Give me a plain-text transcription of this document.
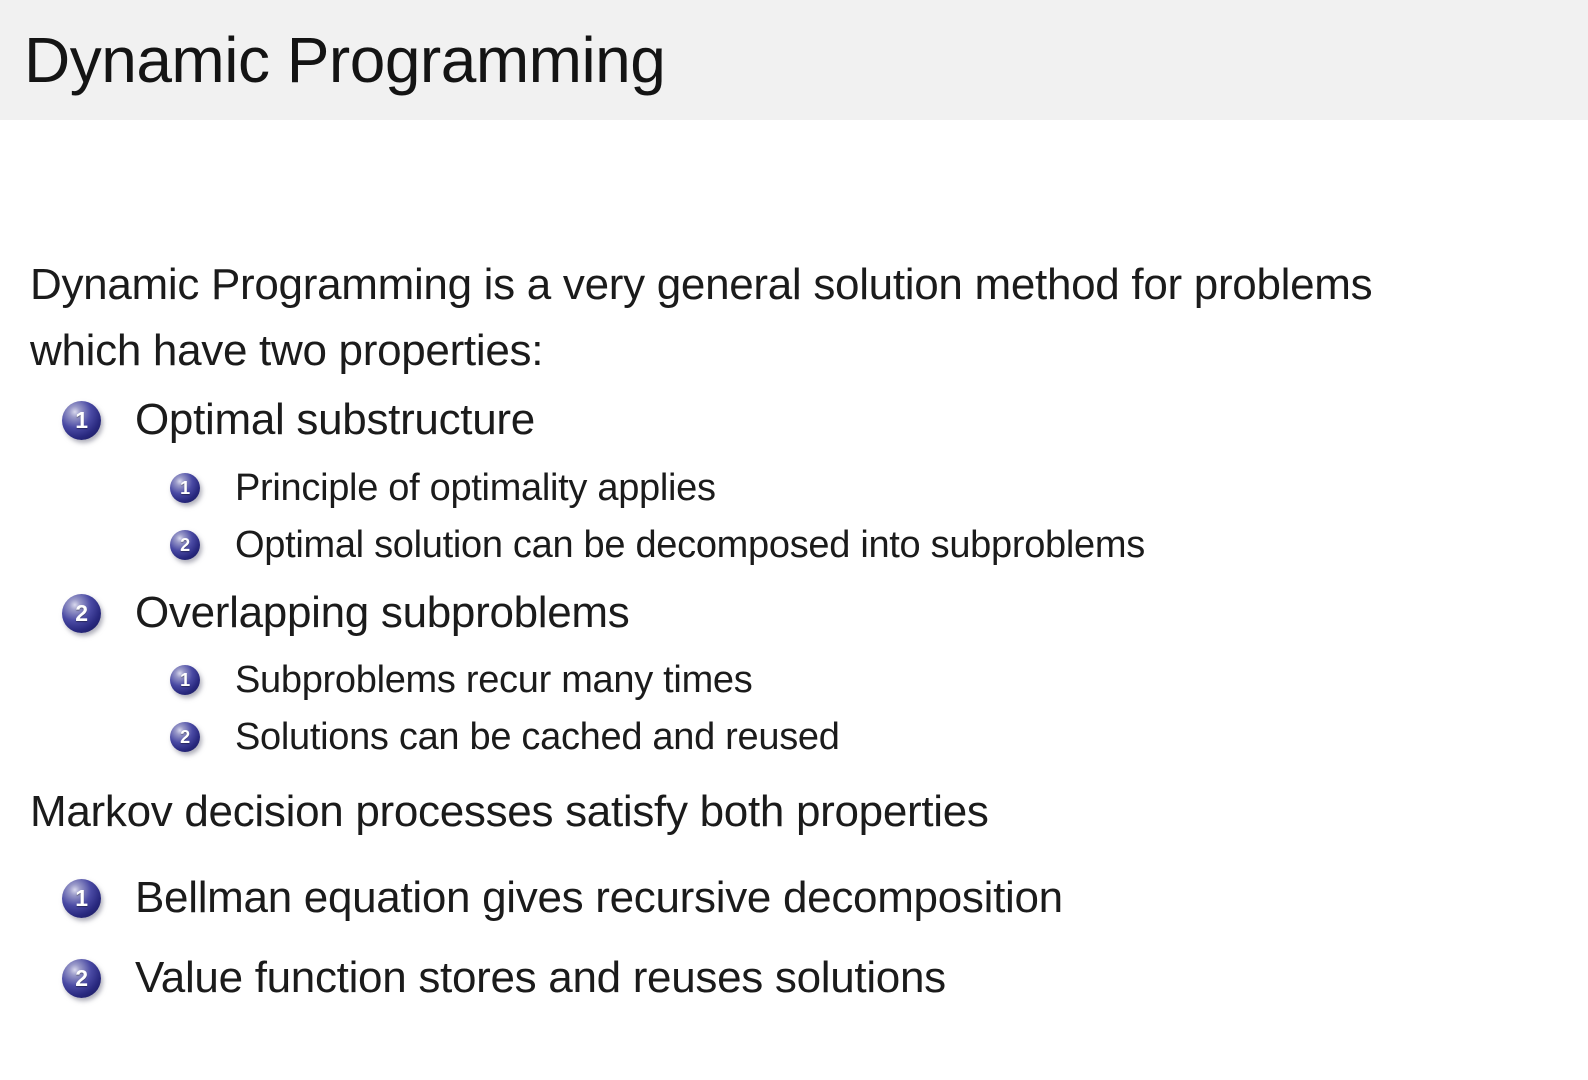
Dynamic Programming
Dynamic Programming is a very general solution method for problems
which have two properties:
1	Optimal substructure
1 Principle of optimality applies
2 Optimal solution can be decomposed into subproblems
2	Overlapping subproblems
1 Subproblems recur many times
2 Solutions can be cached and reused
Markov decision processes satisfy both properties
1	Bellman equation gives recursive decomposition
2	Value function stores and reuses solutions
